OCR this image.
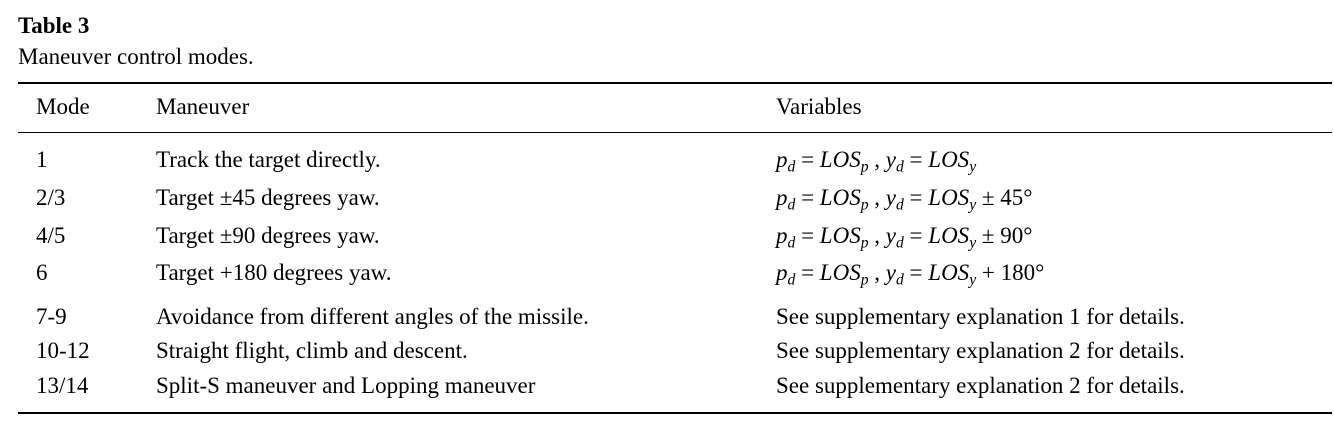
Table 3
Maneuver control modes.
Mode	Maneuver	Variables

1	Track the target directly.	$p_d = LOS_p$ , $y_d = LOS_y$
2/3	Target ±45 degrees yaw.	$p_d = LOS_p$ , $y_d = LOS_y \pm 45^\circ$
4/5	Target ±90 degrees yaw.	$p_d = LOS_p$ , $y_d = LOS_y \pm 90^\circ$
6	Target +180 degrees yaw.	$p_d = LOS_p$ , $y_d = LOS_y + 180^\circ$

7-9	Avoidance from different angles of the missile.	See supplementary explanation 1 for details.
10-12	Straight flight, climb and descent.	See supplementary explanation 2 for details.
13/14	Split-S maneuver and Lopping maneuver	See supplementary explanation 2 for details.
